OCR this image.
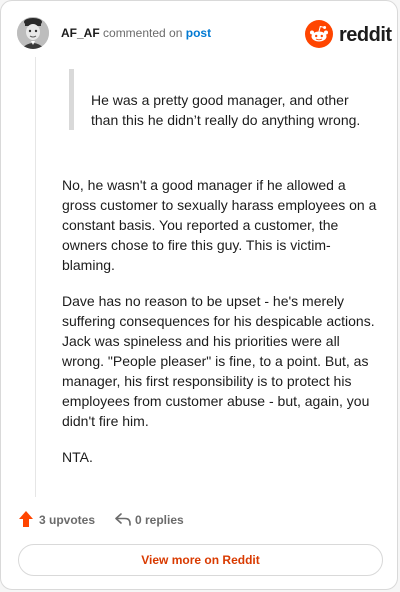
AF_AF commented on post	reddit
He was a pretty good manager, and other than this he didn’t really do anything wrong.

No, he wasn't a good manager if he allowed a gross customer to sexually harass employees on a constant basis. You reported a customer, the owners chose to fire this guy. This is victim-blaming.

Dave has no reason to be upset - he's merely suffering consequences for his despicable actions. Jack was spineless and his priorities were all wrong. "People pleaser" is fine, to a point. But, as manager, his first responsibility is to protect his employees from customer abuse - but, again, you didn't fire him.

NTA.

3 upvotes	0 replies
View more on Reddit
